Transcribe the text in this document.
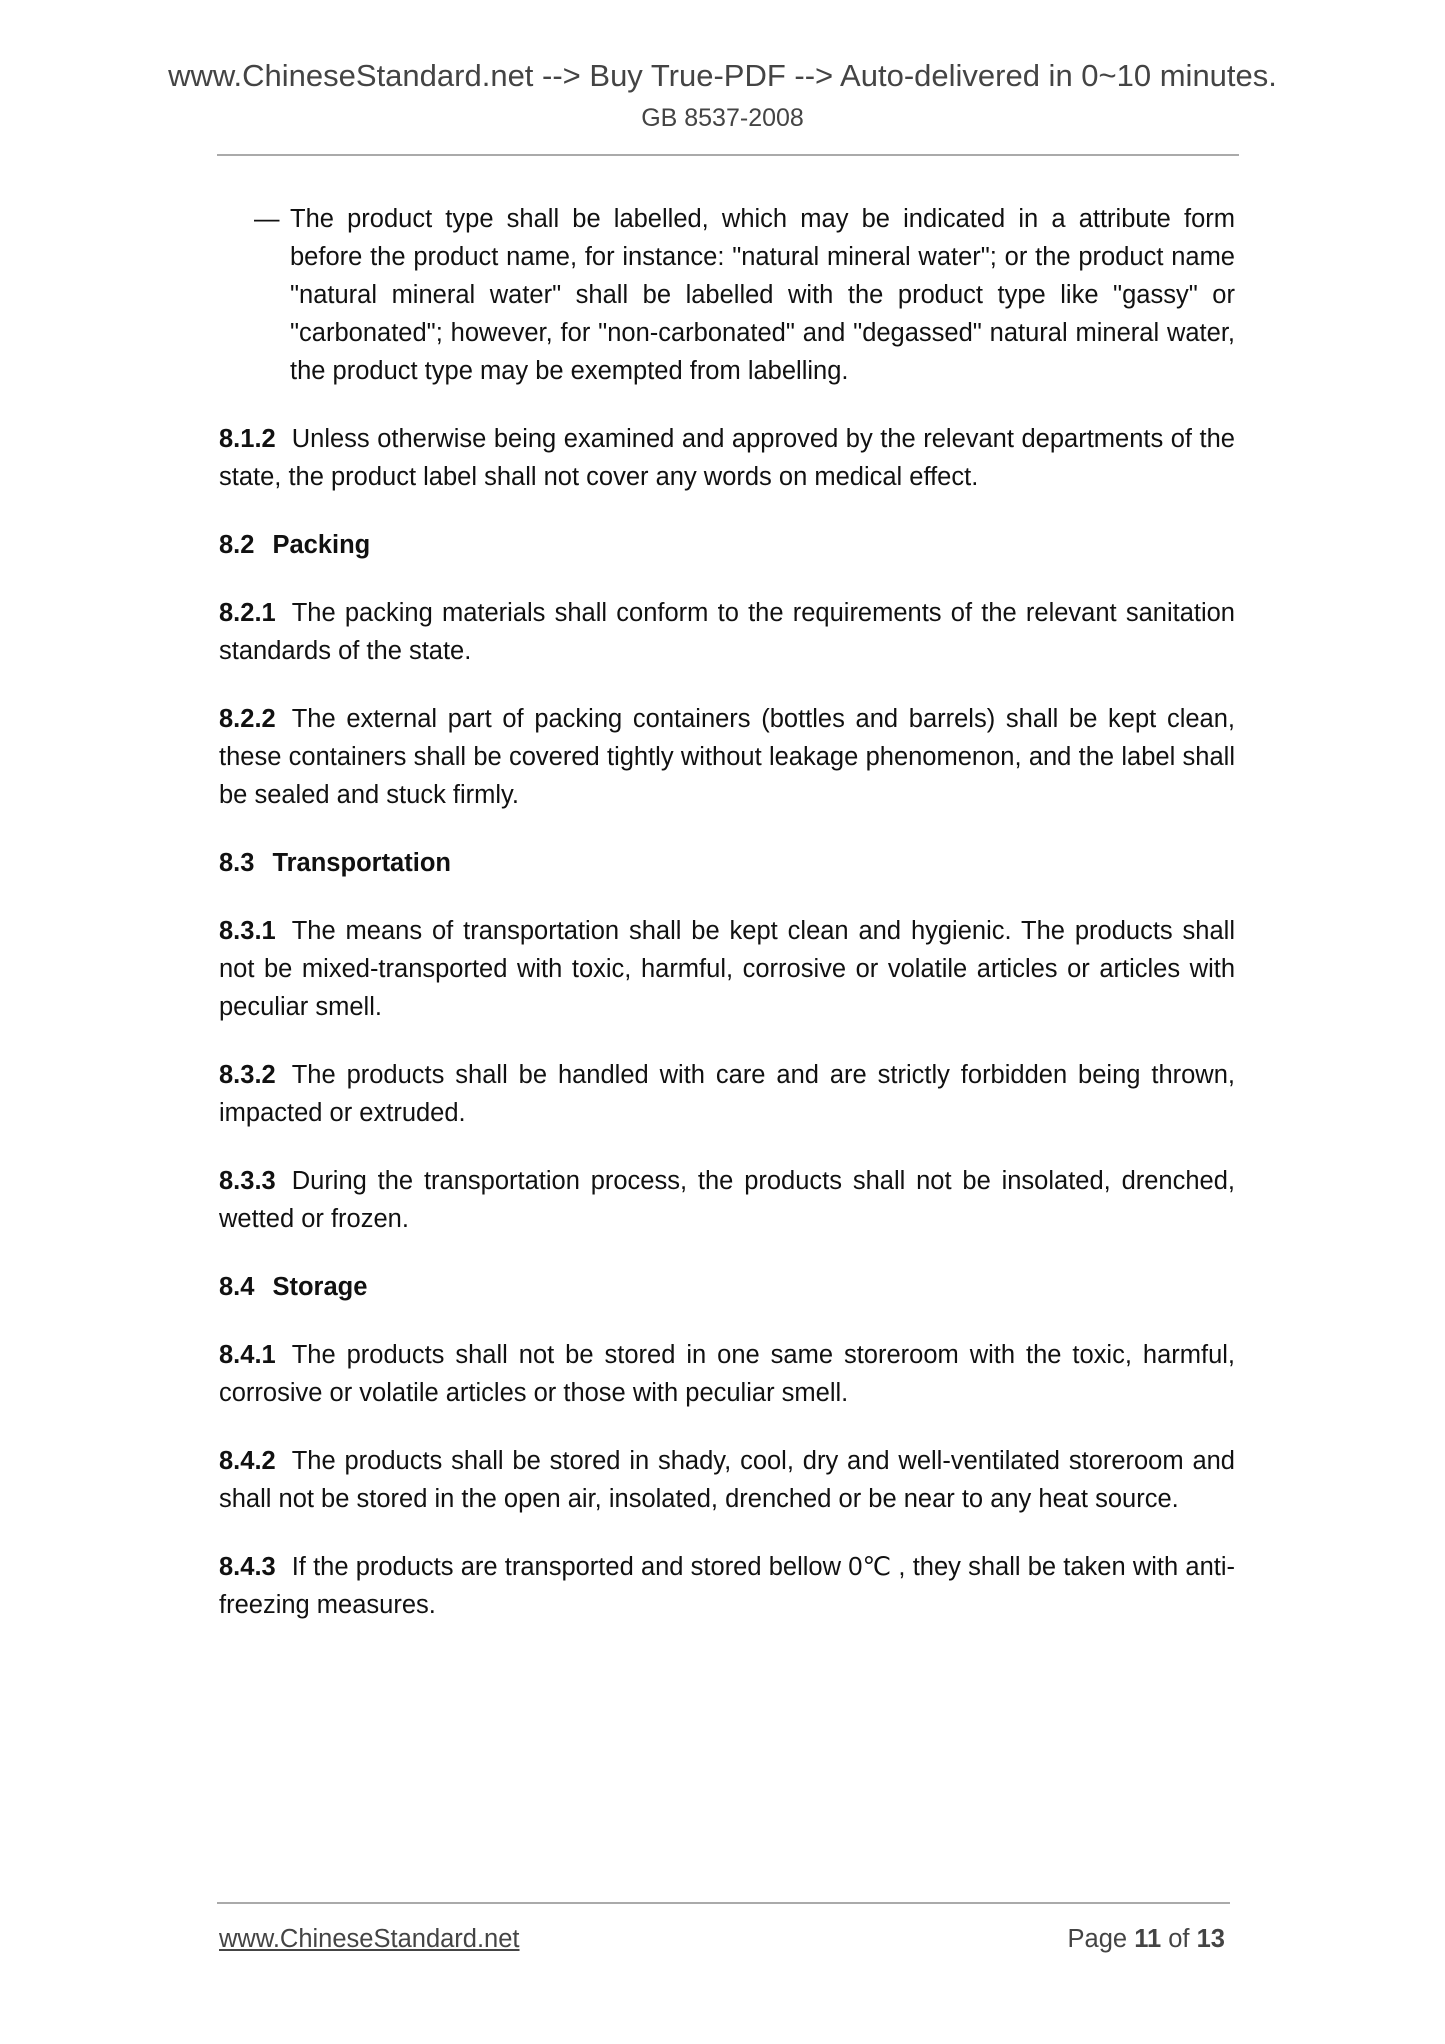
www.ChineseStandard.net --> Buy True-PDF --> Auto-delivered in 0~10 minutes.
GB 8537-2008

— The product type shall be labelled, which may be indicated in a attribute form before the product name, for instance: "natural mineral water"; or the product name "natural mineral water" shall be labelled with the product type like "gassy" or "carbonated"; however, for "non-carbonated" and "degassed" natural mineral water, the product type may be exempted from labelling.

8.1.2 Unless otherwise being examined and approved by the relevant departments of the state, the product label shall not cover any words on medical effect.

8.2 Packing

8.2.1 The packing materials shall conform to the requirements of the relevant sanitation standards of the state.

8.2.2 The external part of packing containers (bottles and barrels) shall be kept clean, these containers shall be covered tightly without leakage phenomenon, and the label shall be sealed and stuck firmly.

8.3 Transportation

8.3.1 The means of transportation shall be kept clean and hygienic. The products shall not be mixed-transported with toxic, harmful, corrosive or volatile articles or articles with peculiar smell.

8.3.2 The products shall be handled with care and are strictly forbidden being thrown, impacted or extruded.

8.3.3 During the transportation process, the products shall not be insolated, drenched, wetted or frozen.

8.4 Storage

8.4.1 The products shall not be stored in one same storeroom with the toxic, harmful, corrosive or volatile articles or those with peculiar smell.

8.4.2 The products shall be stored in shady, cool, dry and well-ventilated storeroom and shall not be stored in the open air, insolated, drenched or be near to any heat source.

8.4.3 If the products are transported and stored bellow 0℃ , they shall be taken with anti-freezing measures.

www.ChineseStandard.net	Page 11 of 13
